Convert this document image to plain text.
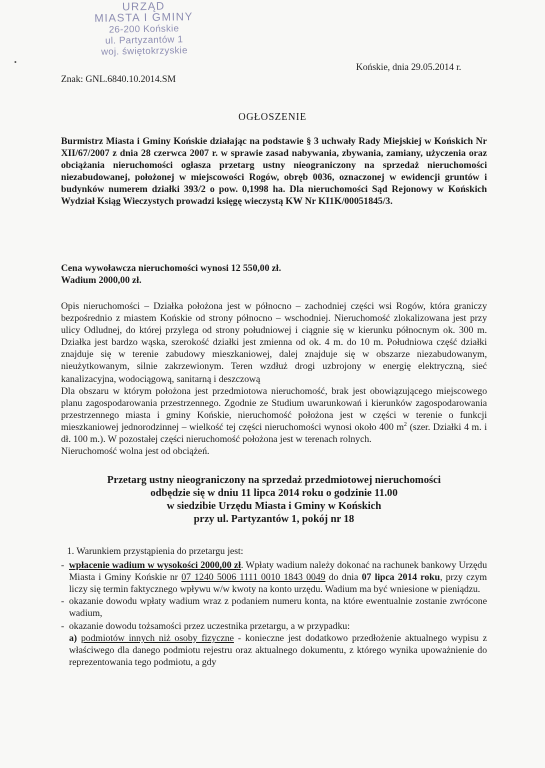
URZĄD
MIASTA I GMINY
26-200 Końskie
ul. Partyzantów 1
woj. świętokrzyskie
•
Końskie, dnia 29.05.2014 r.
Znak: GNL.6840.10.2014.SM
OGŁOSZENIE
Burmistrz Miasta i Gminy Końskie działając na podstawie § 3 uchwały Rady Miejskiej w Końskich Nr XII/67/2007 z dnia 28 czerwca 2007 r. w sprawie zasad nabywania, zbywania, zamiany, użyczenia oraz obciążania nieruchomości ogłasza przetarg ustny nieograniczony na sprzedaż nieruchomości niezabudowanej, położonej w miejscowości Rogów, obręb 0036, oznaczonej w ewidencji gruntów i budynków numerem działki 393/2 o pow. 0,1998 ha. Dla nieruchomości Sąd Rejonowy w Końskich Wydział Ksiąg Wieczystych prowadzi księgę wieczystą KW Nr KI1K/00051845/3.
Cena wywoławcza nieruchomości wynosi 12 550,00 zł.
Wadium 2000,00 zł.
Opis nieruchomości – Działka położona jest w północno – zachodniej części wsi Rogów, która graniczy bezpośrednio z miastem Końskie od strony północno – wschodniej. Nieruchomość zlokalizowana jest przy ulicy Odludnej, do której przylega od strony południowej i ciągnie się w kierunku północnym ok. 300 m. Działka jest bardzo wąska, szerokość działki jest zmienna od ok. 4 m. do 10 m. Południowa część działki znajduje się w terenie zabudowy mieszkaniowej, dalej znajduje się w obszarze niezabudowanym, nieużytkowanym, silnie zakrzewionym. Teren wzdłuż drogi uzbrojony w energię elektryczną, sieć kanalizacyjna, wodociągową, sanitarną i deszczową
Dla obszaru w którym położona jest przedmiotowa nieruchomość, brak jest obowiązującego miejscowego planu zagospodarowania przestrzennego. Zgodnie ze Studium uwarunkowań i kierunków zagospodarowania przestrzennego miasta i gminy Końskie, nieruchomość położona jest w części w terenie o funkcji mieszkaniowej jednorodzinnej – wielkość tej części nieruchomości wynosi około 400 $m^2$ (szer. Działki 4 m. i dł. 100 m.). W pozostałej części nieruchomość położona jest w terenach rolnych.
Nieruchomość wolna jest od obciążeń.
Przetarg ustny nieograniczony na sprzedaż przedmiotowej nieruchomości
odbędzie się w dniu 11 lipca 2014 roku o godzinie 11.00
w siedzibie Urzędu Miasta i Gminy w Końskich
przy ul. Partyzantów 1, pokój nr 18
1. Warunkiem przystąpienia do przetargu jest:
- wpłacenie wadium w wysokości 2000,00 zł. Wpłaty wadium należy dokonać na rachunek bankowy Urzędu Miasta i Gminy Końskie nr 07 1240 5006 1111 0010 1843 0049 do dnia 07 lipca 2014 roku, przy czym liczy się termin faktycznego wpływu w/w kwoty na konto urzędu. Wadium ma być wniesione w pieniądzu.
- okazanie dowodu wpłaty wadium wraz z podaniem numeru konta, na które ewentualnie zostanie zwrócone wadium,
- okazanie dowodu tożsamości przez uczestnika przetargu, a w przypadku:
a) podmiotów innych niż osoby fizyczne - konieczne jest dodatkowo przedłożenie aktualnego wypisu z właściwego dla danego podmiotu rejestru oraz aktualnego dokumentu, z którego wynika upoważnienie do reprezentowania tego podmiotu, a gdy
